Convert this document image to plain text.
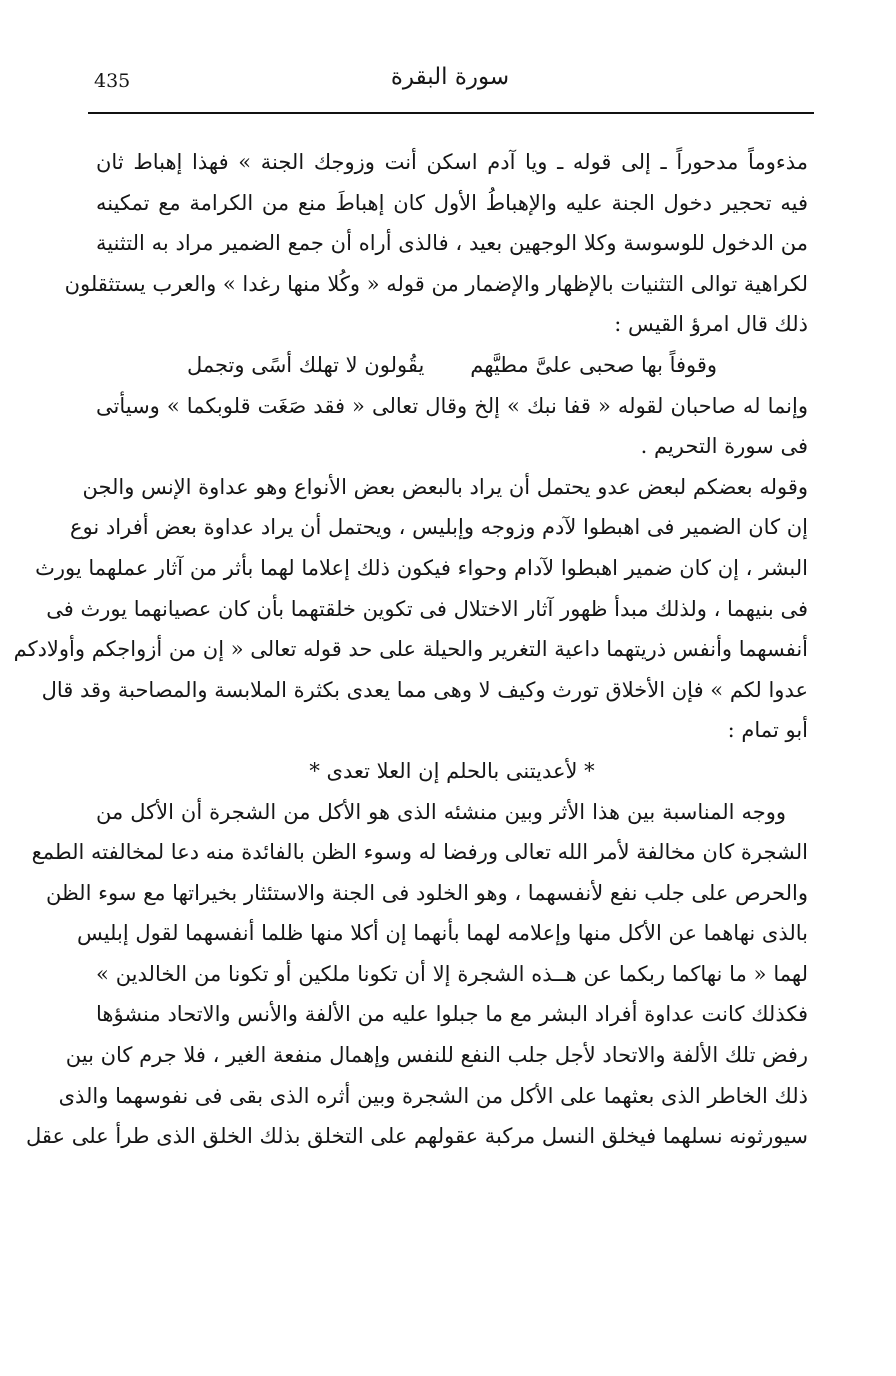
435	سورة البقرة
مذءوماً مدحوراً ـ إلى قوله ـ ويا آدم اسكن أنت وزوجك الجنة » فهذا إهباط ثان
فيه تحجير دخول الجنة عليه والإهباطُ الأول كان إهباطَ منع من الكرامة مع تمكينه
من الدخول للوسوسة وكلا الوجهين بعيد ، فالذى أراه أن جمع الضمير مراد به التثنية
لكراهية توالى التثنيات بالإظهار والإضمار من قوله « وكُلا منها رغدا » والعرب يستثقلون
ذلك قال امرؤ القيس :
وقوفاً بها صحبى علىَّ مطيَّهم
يقُولون لا تهلك أسًى وتجمل
وإنما له صاحبان لقوله « قفا نبك » إلخ وقال تعالى « فقد صَغَت قلوبكما » وسيأتى
فى سورة التحريم .
وقوله بعضكم لبعض عدو يحتمل أن يراد بالبعض بعض الأنواع وهو عداوة الإنس والجن
إن كان الضمير فى اهبطوا لآدم وزوجه وإبليس ، ويحتمل أن يراد عداوة بعض أفراد نوع
البشر ، إن كان ضمير اهبطوا لآدام وحواء فيكون ذلك إعلاما لهما بأثر من آثار عملهما يورث
فى بنيهما ، ولذلك مبدأ ظهور آثار الاختلال فى تكوين خلقتهما بأن كان عصيانهما يورث فى
أنفسهما وأنفس ذريتهما داعية التغرير والحيلة على حد قوله تعالى « إن من أزواجكم وأولادكم
عدوا لكم » فإن الأخلاق تورث وكيف لا وهى مما يعدى بكثرة الملابسة والمصاحبة وقد قال
أبو تمام :
* لأعديتنى بالحلم إن العلا تعدى *
ووجه المناسبة بين هذا الأثر وبين منشئه الذى هو الأكل من الشجرة أن الأكل من
الشجرة كان مخالفة لأمر الله تعالى ورفضا له وسوء الظن بالفائدة منه دعا لمخالفته الطمع
والحرص على جلب نفع لأنفسهما ، وهو الخلود فى الجنة والاستئثار بخيراتها مع سوء الظن
بالذى نهاهما عن الأكل منها وإعلامه لهما بأنهما إن أكلا منها ظلما أنفسهما لقول إبليس
لهما « ما نهاكما ربكما عن هــذه الشجرة إلا أن تكونا ملكين أو تكونا من الخالدين »
فكذلك كانت عداوة أفراد البشر مع ما جبلوا عليه من الألفة والأنس والاتحاد منشؤها
رفض تلك الألفة والاتحاد لأجل جلب النفع للنفس وإهمال منفعة الغير ، فلا جرم كان بين
ذلك الخاطر الذى بعثهما على الأكل من الشجرة وبين أثره الذى بقى فى نفوسهما والذى
سيورثونه نسلهما فيخلق النسل مركبة عقولهم على التخلق بذلك الخلق الذى طرأ على عقل
